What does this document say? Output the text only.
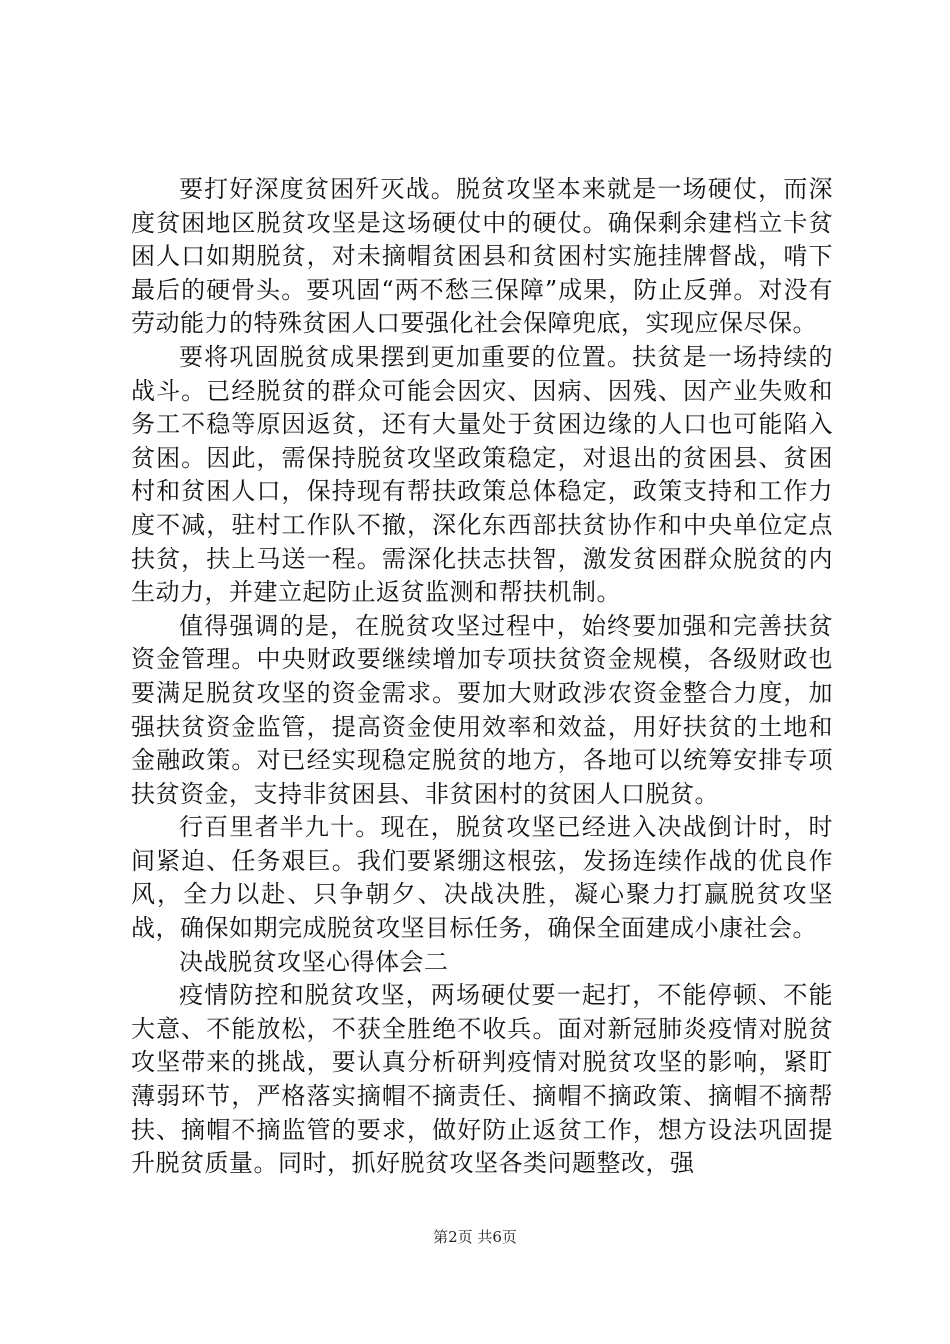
要打好深度贫困歼灭战。脱贫攻坚本来就是一场硬仗，而深度贫困地区脱贫攻坚是这场硬仗中的硬仗。确保剩余建档立卡贫困人口如期脱贫，对未摘帽贫困县和贫困村实施挂牌督战，啃下最后的硬骨头。要巩固“两不愁三保障”成果，防止反弹。对没有劳动能力的特殊贫困人口要强化社会保障兜底，实现应保尽保。

要将巩固脱贫成果摆到更加重要的位置。扶贫是一场持续的战斗。已经脱贫的群众可能会因灾、因病、因残、因产业失败和务工不稳等原因返贫，还有大量处于贫困边缘的人口也可能陷入贫困。因此，需保持脱贫攻坚政策稳定，对退出的贫困县、贫困村和贫困人口，保持现有帮扶政策总体稳定，政策支持和工作力度不减，驻村工作队不撤，深化东西部扶贫协作和中央单位定点扶贫，扶上马送一程。需深化扶志扶智，激发贫困群众脱贫的内生动力，并建立起防止返贫监测和帮扶机制。

值得强调的是，在脱贫攻坚过程中，始终要加强和完善扶贫资金管理。中央财政要继续增加专项扶贫资金规模，各级财政也要满足脱贫攻坚的资金需求。要加大财政涉农资金整合力度，加强扶贫资金监管，提高资金使用效率和效益，用好扶贫的土地和金融政策。对已经实现稳定脱贫的地方，各地可以统筹安排专项扶贫资金，支持非贫困县、非贫困村的贫困人口脱贫。

行百里者半九十。现在，脱贫攻坚已经进入决战倒计时，时间紧迫、任务艰巨。我们要紧绷这根弦，发扬连续作战的优良作风，全力以赴、只争朝夕、决战决胜，凝心聚力打赢脱贫攻坚战，确保如期完成脱贫攻坚目标任务，确保全面建成小康社会。

决战脱贫攻坚心得体会二

疫情防控和脱贫攻坚，两场硬仗要一起打，不能停顿、不能大意、不能放松，不获全胜绝不收兵。面对新冠肺炎疫情对脱贫攻坚带来的挑战，要认真分析研判疫情对脱贫攻坚的影响，紧盯薄弱环节，严格落实摘帽不摘责任、摘帽不摘政策、摘帽不摘帮扶、摘帽不摘监管的要求，做好防止返贫工作，想方设法巩固提升脱贫质量。同时，抓好脱贫攻坚各类问题整改，强

第2页 共6页
